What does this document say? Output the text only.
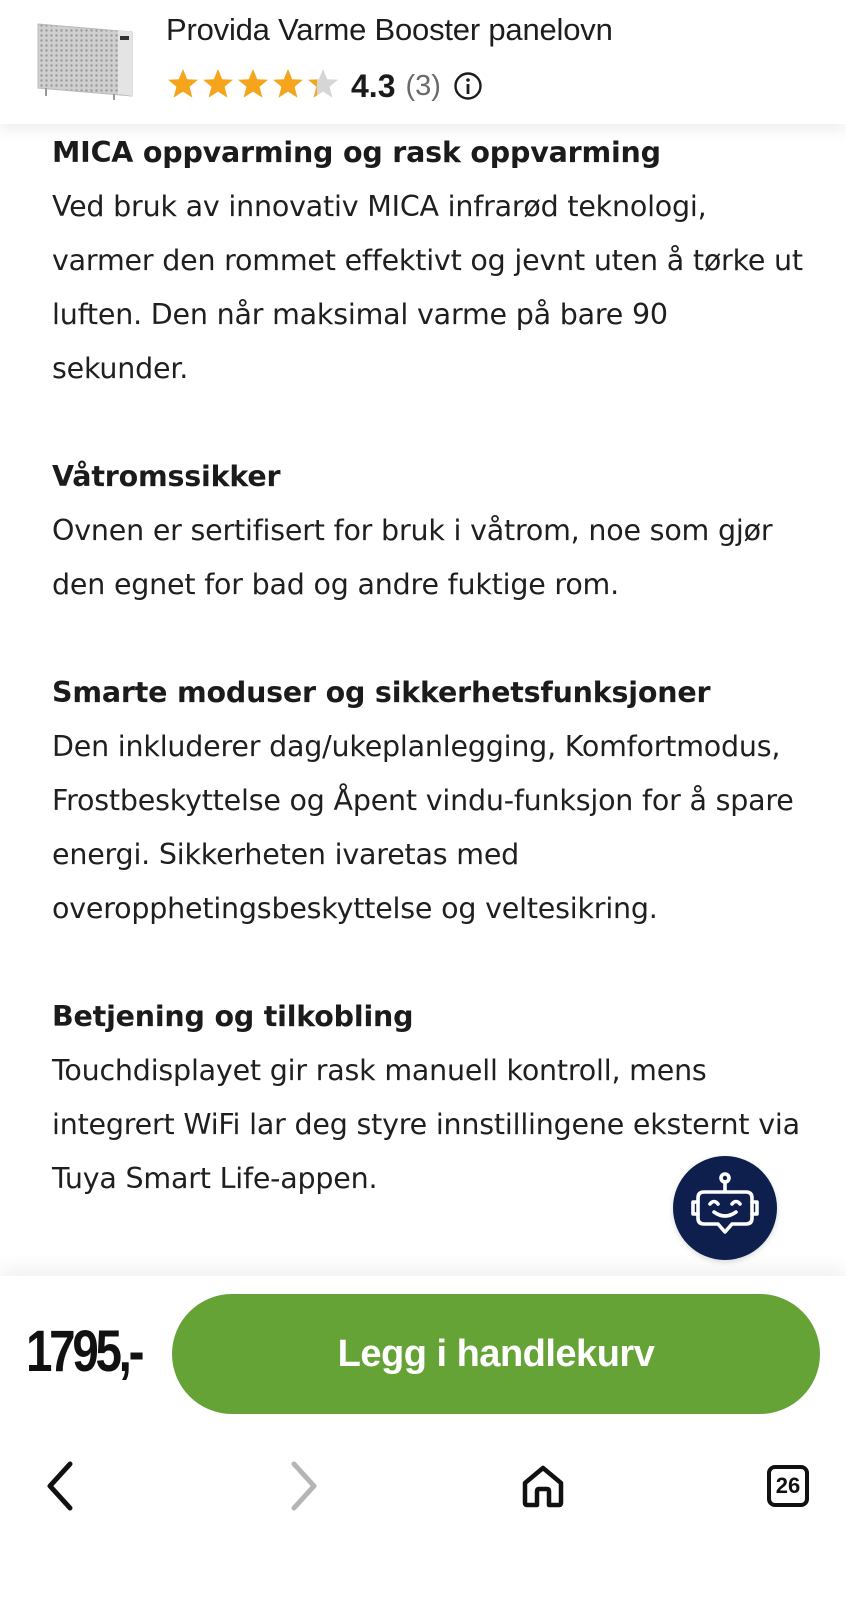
Provida Varme Booster panelovn
4.3 (3)
MICA oppvarming og rask oppvarming

Ved bruk av innovativ MICA infrarød teknologi, varmer den rommet effektivt og jevnt uten å tørke ut luften. Den når maksimal varme på bare 90 sekunder.

Våtromssikker

Ovnen er sertifisert for bruk i våtrom, noe som gjør den egnet for bad og andre fuktige rom.

Smarte moduser og sikkerhetsfunksjoner

Den inkluderer dag/ukeplanlegging, Komfortmodus, Frostbeskyttelse og Åpent vindu-funksjon for å spare energi. Sikkerheten ivaretas med overopphetingsbeskyttelse og veltesikring.

Betjening og tilkobling

Touchdisplayet gir rask manuell kontroll, mens integrert WiFi lar deg styre innstillingene eksternt via Tuya Smart Life-appen.

1795,-	Legg i handlekurv
26
